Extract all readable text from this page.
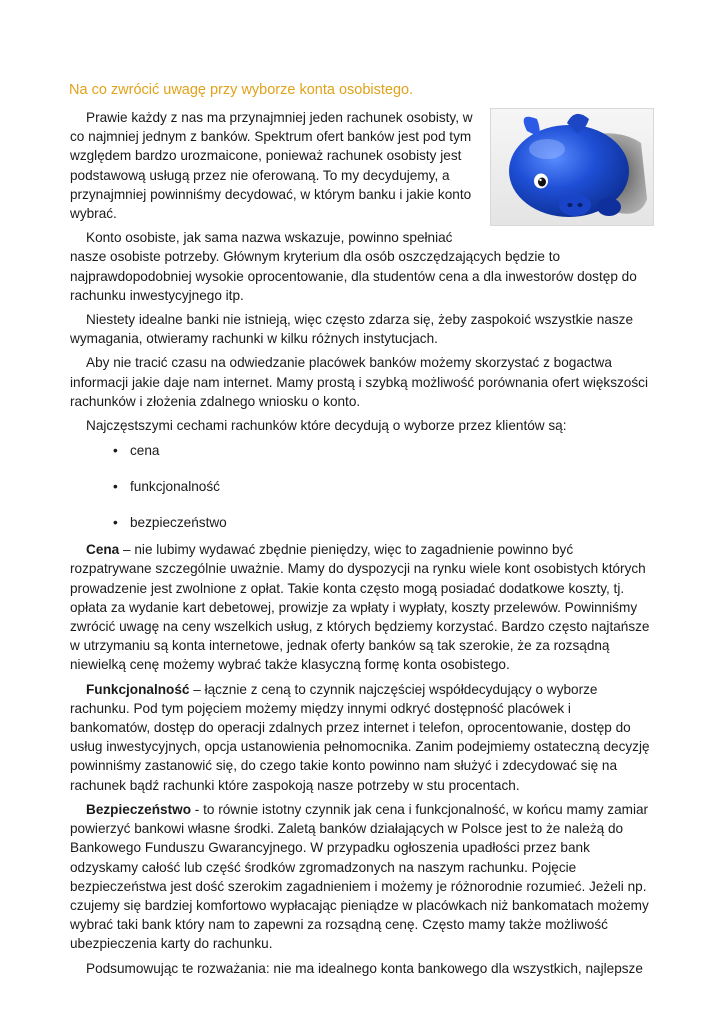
Na co zwrócić uwagę przy wyborze konta osobistego.

Prawie każdy z nas ma przynajmniej jeden rachunek osobisty, w co najmniej jednym z banków. Spektrum ofert banków jest pod tym względem bardzo urozmaicone, ponieważ rachunek osobisty jest podstawową usługą przez nie oferowaną. To my decydujemy, a przynajmniej powinniśmy decydować, w którym banku i jakie konto wybrać.

Konto osobiste, jak sama nazwa wskazuje, powinno spełniać nasze osobiste potrzeby. Głównym kryterium dla osób oszczędzających będzie to najprawdopodobniej wysokie oprocentowanie, dla studentów cena a dla inwestorów dostęp do rachunku inwestycyjnego itp.

Niestety idealne banki nie istnieją, więc często zdarza się, żeby zaspokoić wszystkie nasze wymagania, otwieramy rachunki w kilku różnych instytucjach.

Aby nie tracić czasu na odwiedzanie placówek banków możemy skorzystać z bogactwa informacji jakie daje nam internet. Mamy prostą i szybką możliwość porównania ofert większości rachunków i złożenia zdalnego wniosku o konto.

Najczęstszymi cechami rachunków które decydują o wyborze przez klientów są:

• cena
• funkcjonalność
• bezpieczeństwo

Cena – nie lubimy wydawać zbędnie pieniędzy, więc to zagadnienie powinno być rozpatrywane szczególnie uważnie. Mamy do dyspozycji na rynku wiele kont osobistych których prowadzenie jest zwolnione z opłat. Takie konta często mogą posiadać dodatkowe koszty, tj. opłata za wydanie kart debetowej, prowizje za wpłaty i wypłaty, koszty przelewów. Powinniśmy zwrócić uwagę na ceny wszelkich usług, z których będziemy korzystać. Bardzo często najtańsze w utrzymaniu są konta internetowe, jednak oferty banków są tak szerokie, że za rozsądną niewielką cenę możemy wybrać także klasyczną formę konta osobistego.

Funkcjonalność – łącznie z ceną to czynnik najczęściej współdecydujący o wyborze rachunku. Pod tym pojęciem możemy między innymi odkryć dostępność placówek i bankomatów, dostęp do operacji zdalnych przez internet i telefon, oprocentowanie, dostęp do usług inwestycyjnych, opcja ustanowienia pełnomocnika. Zanim podejmiemy ostateczną decyzję powinniśmy zastanowić się, do czego takie konto powinno nam służyć i zdecydować się na rachunek bądź rachunki które zaspokoją nasze potrzeby w stu procentach.

Bezpieczeństwo - to równie istotny czynnik jak cena i funkcjonalność, w końcu mamy zamiar powierzyć bankowi własne środki. Zaletą banków działających w Polsce jest to że należą do Bankowego Funduszu Gwarancyjnego. W przypadku ogłoszenia upadłości przez bank odzyskamy całość lub część środków zgromadzonych na naszym rachunku. Pojęcie bezpieczeństwa jest dość szerokim zagadnieniem i możemy je różnorodnie rozumieć. Jeżeli np. czujemy się bardziej komfortowo wypłacając pieniądze w placówkach niż bankomatach możemy wybrać taki bank który nam to zapewni za rozsądną cenę. Często mamy także możliwość ubezpieczenia karty do rachunku.

Podsumowując te rozważania: nie ma idealnego konta bankowego dla wszystkich, najlepsze
